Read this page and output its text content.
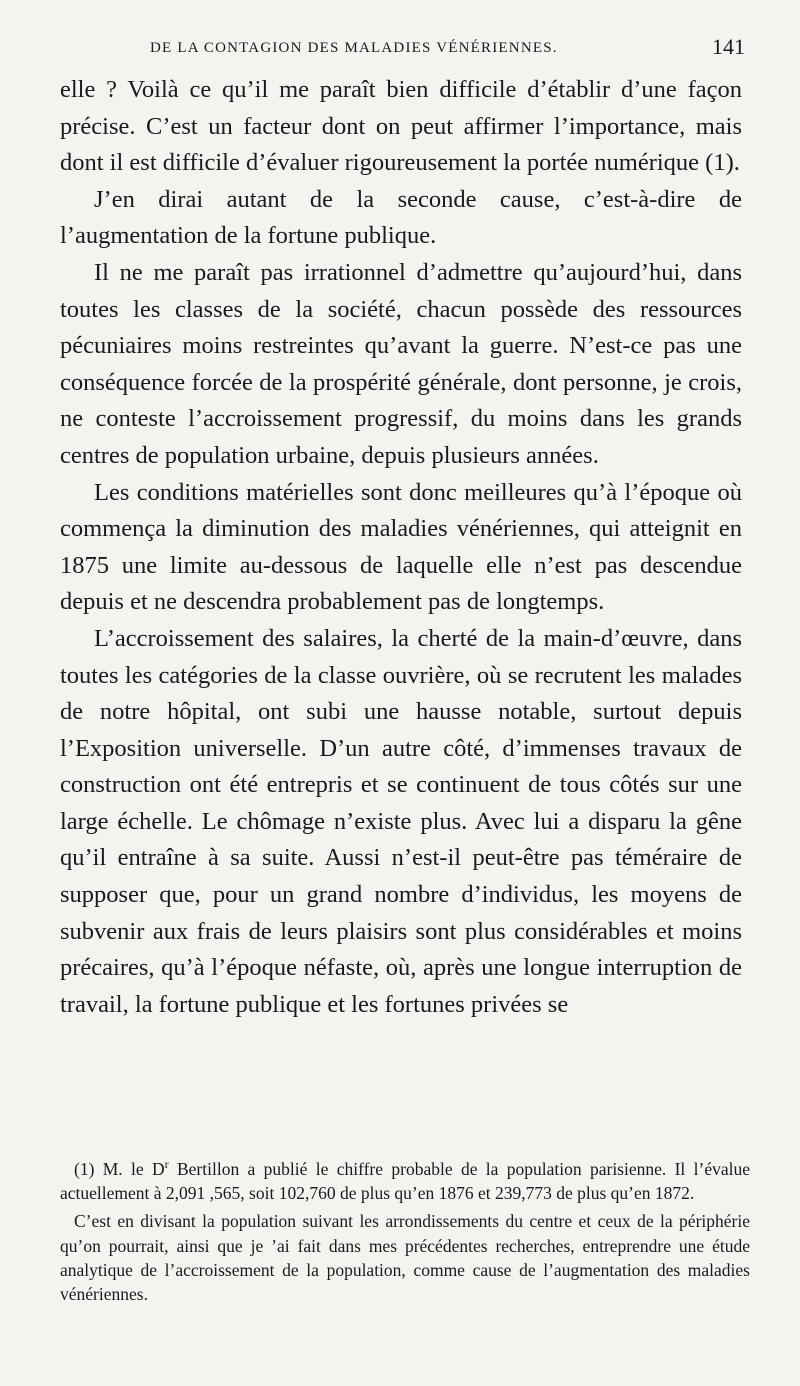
DE LA CONTAGION DES MALADIES VÉNÉRIENNES.	141

elle ? Voilà ce qu’il me paraît bien difficile d’établir d’une façon précise. C’est un facteur dont on peut affirmer l’importance, mais dont il est difficile d’évaluer rigoureusement la portée numérique (1).

J’en dirai autant de la seconde cause, c’est-à-dire de l’augmentation de la fortune publique.

Il ne me paraît pas irrationnel d’admettre qu’aujourd’hui, dans toutes les classes de la société, chacun possède des ressources pécuniaires moins restreintes qu’avant la guerre. N’est-ce pas une conséquence forcée de la prospérité générale, dont personne, je crois, ne conteste l’accroissement progressif, du moins dans les grands centres de population urbaine, depuis plusieurs années.

Les conditions matérielles sont donc meilleures qu’à l’époque où commença la diminution des maladies vénériennes, qui atteignit en 1875 une limite au-dessous de laquelle elle n’est pas descendue depuis et ne descendra probablement pas de longtemps.

L’accroissement des salaires, la cherté de la main-d’œuvre, dans toutes les catégories de la classe ouvrière, où se recrutent les malades de notre hôpital, ont subi une hausse notable, surtout depuis l’Exposition universelle. D’un autre côté, d’immenses travaux de construction ont été entrepris et se continuent de tous côtés sur une large échelle. Le chômage n’existe plus. Avec lui a disparu la gêne qu’il entraîne à sa suite. Aussi n’est-il peut-être pas téméraire de supposer que, pour un grand nombre d’individus, les moyens de subvenir aux frais de leurs plaisirs sont plus considérables et moins précaires, qu’à l’époque néfaste, où, après une longue interruption de travail, la fortune publique et les fortunes privées se

(1) M. le $D^r$ Bertillon a publié le chiffre probable de la population parisienne. Il l’évalue actuellement à 2,091 ,565, soit 102,760 de plus qu’en 1876 et 239,773 de plus qu’en 1872.

C’est en divisant la population suivant les arrondissements du centre et ceux de la périphérie qu’on pourrait, ainsi que je ’ai fait dans mes précédentes recherches, entreprendre une étude analytique de l’accroissement de la population, comme cause de l’augmentation des maladies vénériennes.
